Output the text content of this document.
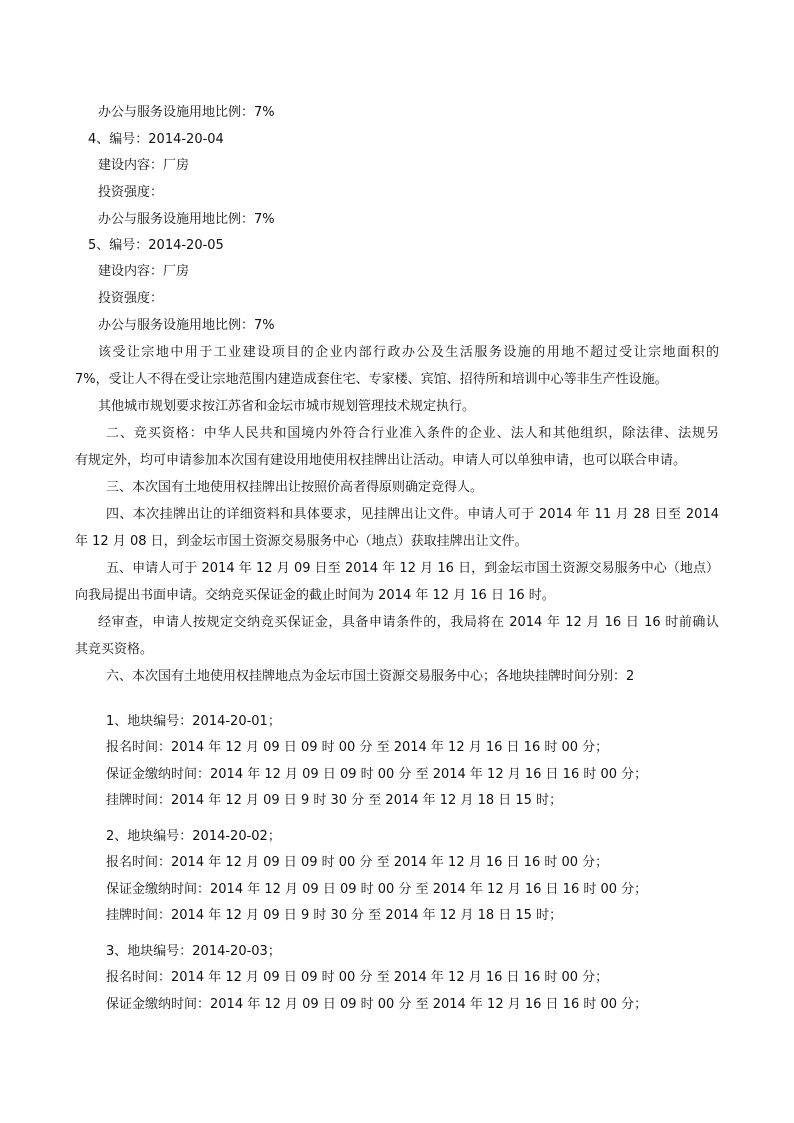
办公与服务设施用地比例：7%

4、编号：2014-20-04

建设内容：厂房

投资强度：

办公与服务设施用地比例：7%

5、编号：2014-20-05

建设内容：厂房

投资强度：

办公与服务设施用地比例：7%

该受让宗地中用于工业建设项目的企业内部行政办公及生活服务设施的用地不超过受让宗地面积的
7%，受让人不得在受让宗地范围内建造成套住宅、专家楼、宾馆、招待所和培训中心等非生产性设施。
其他城市规划要求按江苏省和金坛市城市规划管理技术规定执行。
二、竞买资格：中华人民共和国境内外符合行业准入条件的企业、法人和其他组织，除法律、法规另
有规定外，均可申请参加本次国有建设用地使用权挂牌出让活动。申请人可以单独申请，也可以联合申请。
三、本次国有土地使用权挂牌出让按照价高者得原则确定竞得人。
四、本次挂牌出让的详细资料和具体要求，见挂牌出让文件。申请人可于 2014 年 11 月 28 日至 2014
年 12 月 08 日，到金坛市国土资源交易服务中心（地点）获取挂牌出让文件。
五、申请人可于 2014 年 12 月 09 日至 2014 年 12 月 16 日，到金坛市国土资源交易服务中心（地点）
向我局提出书面申请。交纳竞买保证金的截止时间为 2014 年 12 月 16 日 16 时。
经审查，申请人按规定交纳竞买保证金，具备申请条件的，我局将在 2014 年 12 月 16 日 16 时前确认
其竞买资格。
六、本次国有土地使用权挂牌地点为金坛市国土资源交易服务中心；各地块挂牌时间分别：2

1、地块编号：2014-20-01；

报名时间：2014 年 12 月 09 日 09 时 00 分 至 2014 年 12 月 16 日 16 时 00 分；

保证金缴纳时间：2014 年 12 月 09 日 09 时 00 分 至 2014 年 12 月 16 日 16 时 00 分；

挂牌时间：2014 年 12 月 09 日 9 时 30 分 至 2014 年 12 月 18 日 15 时；

2、地块编号：2014-20-02；

报名时间：2014 年 12 月 09 日 09 时 00 分 至 2014 年 12 月 16 日 16 时 00 分；

保证金缴纳时间：2014 年 12 月 09 日 09 时 00 分 至 2014 年 12 月 16 日 16 时 00 分；

挂牌时间：2014 年 12 月 09 日 9 时 30 分 至 2014 年 12 月 18 日 15 时；

3、地块编号：2014-20-03；

报名时间：2014 年 12 月 09 日 09 时 00 分 至 2014 年 12 月 16 日 16 时 00 分；

保证金缴纳时间：2014 年 12 月 09 日 09 时 00 分 至 2014 年 12 月 16 日 16 时 00 分；
